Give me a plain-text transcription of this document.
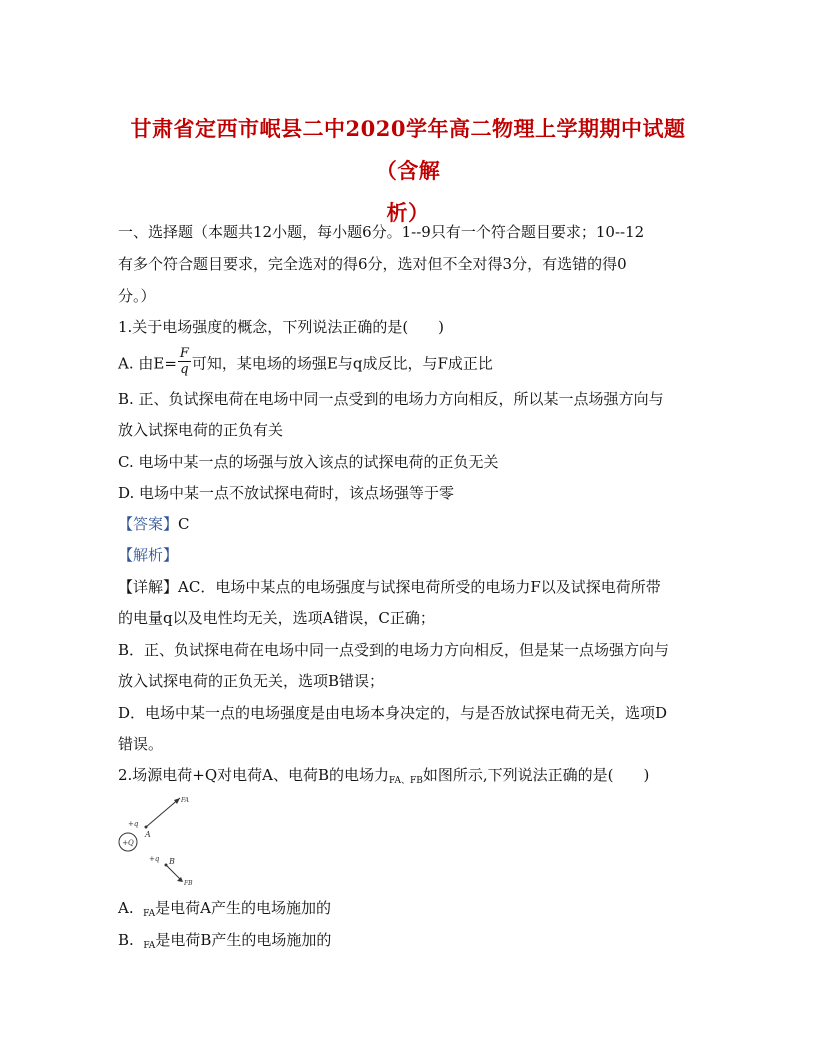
甘肃省定西市岷县二中2020学年高二物理上学期期中试题（含解
析）
一、选择题（本题共12小题，每小题6分。1--9只有一个符合题目要求；10--12
有多个符合题目要求，完全选对的得6分，选对但不全对得3分，有选错的得0
分。）
1.关于电场强度的概念，下列说法正确的是(　　)
A. 由$E= \frac{F}{q}$ 可知，某电场的场强E与q成反比，与F成正比
B. 正、负试探电荷在电场中同一点受到的电场力方向相反，所以某一点场强方向与
放入试探电荷的正负有关
C. 电场中某一点的场强与放入该点的试探电荷的正负无关
D. 电场中某一点不放试探电荷时，该点场强等于零
【答案】C
【解析】
【详解】AC．电场中某点的电场强度与试探电荷所受的电场力F以及试探电荷所带
的电量q以及电性均无关，选项A错误，C正确；
B．正、负试探电荷在电场中同一点受到的电场力方向相反，但是某一点场强方向与
放入试探电荷的正负无关，选项B错误；
D．电场中某一点的电场强度是由电场本身决定的，与是否放试探电荷无关，选项D
错误。
2.场源电荷+Q对电荷A、电荷B的电场力$_{FA、FB}$如图所示,下列说法正确的是(　　)
+Q
+q
A
FA
+q B
FB
A. $_{FA}$是电荷A产生的电场施加的
B. $_{FA}$是电荷B产生的电场施加的
